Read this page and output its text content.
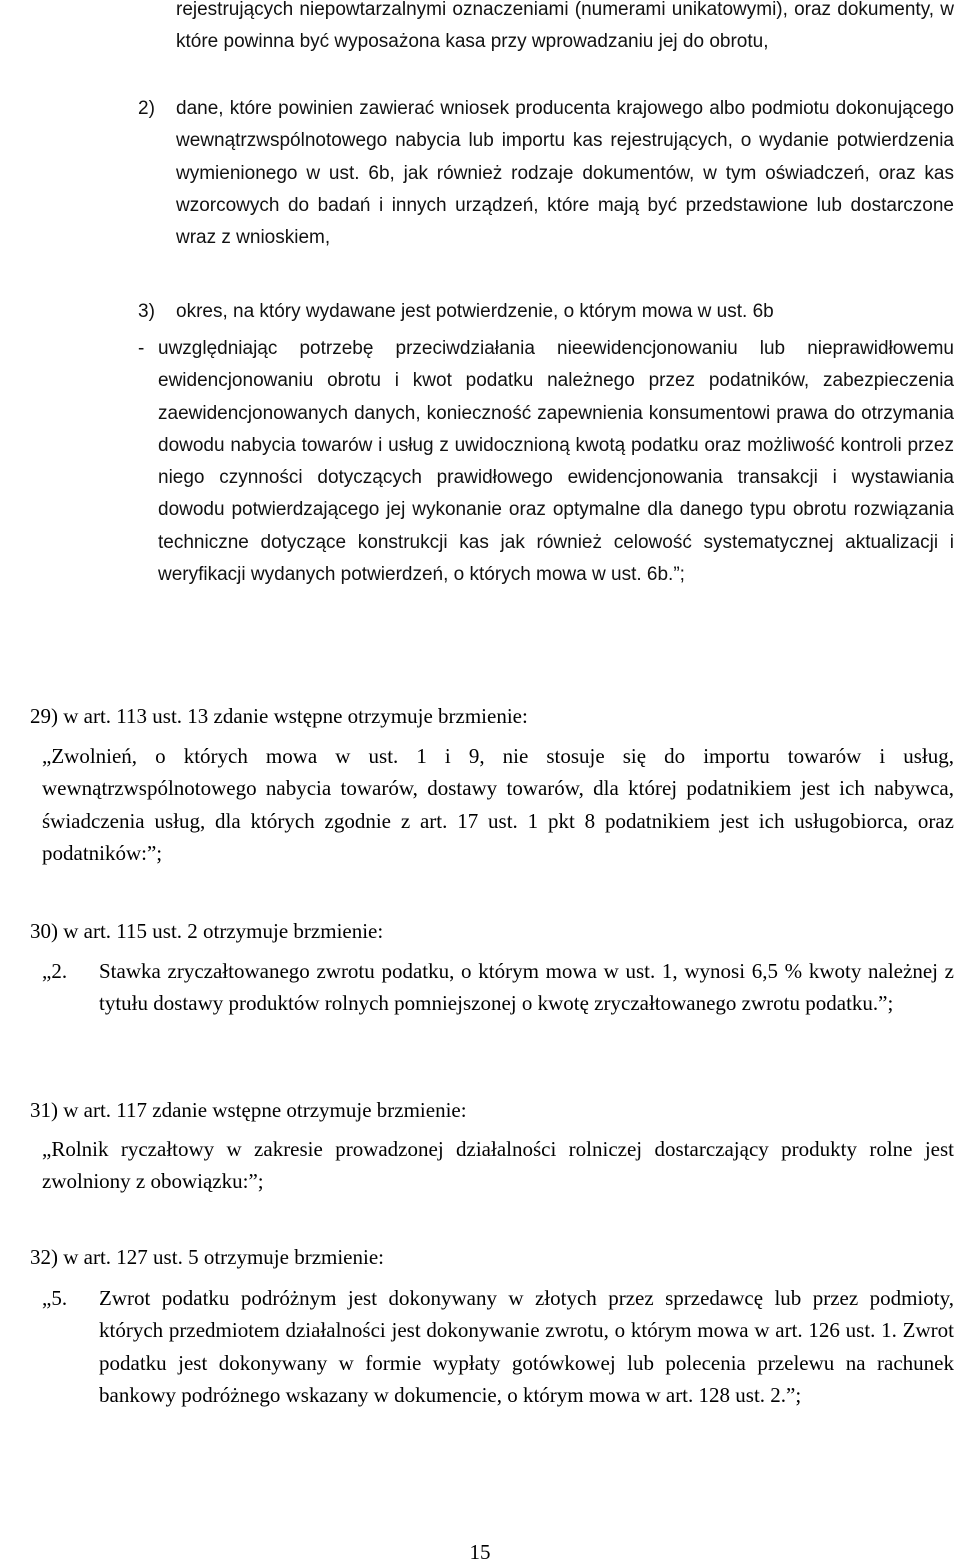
rejestrujących niepowtarzalnymi oznaczeniami (numerami unikatowymi), oraz dokumenty, w które powinna być wyposażona kasa przy wprowadzaniu jej do obrotu,
2) dane, które powinien zawierać wniosek producenta krajowego albo podmiotu dokonującego wewnątrzwspólnotowego nabycia lub importu kas rejestrujących, o wydanie potwierdzenia wymienionego w ust. 6b, jak również rodzaje dokumentów, w tym oświadczeń, oraz kas wzorcowych do badań i innych urządzeń, które mają być przedstawione lub dostarczone wraz z wnioskiem,
3) okres, na który wydawane jest potwierdzenie, o którym mowa w ust. 6b
- uwzględniając potrzebę przeciwdziałania nieewidencjonowaniu lub nieprawidłowemu ewidencjonowaniu obrotu i kwot podatku należnego przez podatników, zabezpieczenia zaewidencjonowanych danych, konieczność zapewnienia konsumentowi prawa do otrzymania dowodu nabycia towarów i usług z uwidocznioną kwotą podatku oraz możliwość kontroli przez niego czynności dotyczących prawidłowego ewidencjonowania transakcji i wystawiania dowodu potwierdzającego jej wykonanie oraz optymalne dla danego typu obrotu rozwiązania techniczne dotyczące konstrukcji kas jak również celowość systematycznej aktualizacji i weryfikacji wydanych potwierdzeń, o których mowa w ust. 6b.”;
29) w art. 113 ust. 13 zdanie wstępne otrzymuje brzmienie:
„Zwolnień, o których mowa w ust. 1 i 9, nie stosuje się do importu towarów i usług, wewnątrzwspólnotowego nabycia towarów, dostawy towarów, dla której podatnikiem jest ich nabywca, świadczenia usług, dla których zgodnie z art. 17 ust. 1 pkt 8 podatnikiem jest ich usługobiorca, oraz podatników:”;
30) w art. 115 ust. 2 otrzymuje brzmienie:
„2. Stawka zryczałtowanego zwrotu podatku, o którym mowa w ust. 1, wynosi 6,5 % kwoty należnej z tytułu dostawy produktów rolnych pomniejszonej o kwotę zryczałtowanego zwrotu podatku.”;
31) w art. 117 zdanie wstępne otrzymuje brzmienie:
„Rolnik ryczałtowy w zakresie prowadzonej działalności rolniczej dostarczający produkty rolne jest zwolniony z obowiązku:”;
32) w art. 127 ust. 5 otrzymuje brzmienie:
„5. Zwrot podatku podróżnym jest dokonywany w złotych przez sprzedawcę lub przez podmioty, których przedmiotem działalności jest dokonywanie zwrotu, o którym mowa w art. 126 ust. 1. Zwrot podatku jest dokonywany w formie wypłaty gotówkowej lub polecenia przelewu na rachunek bankowy podróżnego wskazany w dokumencie, o którym mowa w art. 128 ust. 2.”;
15
